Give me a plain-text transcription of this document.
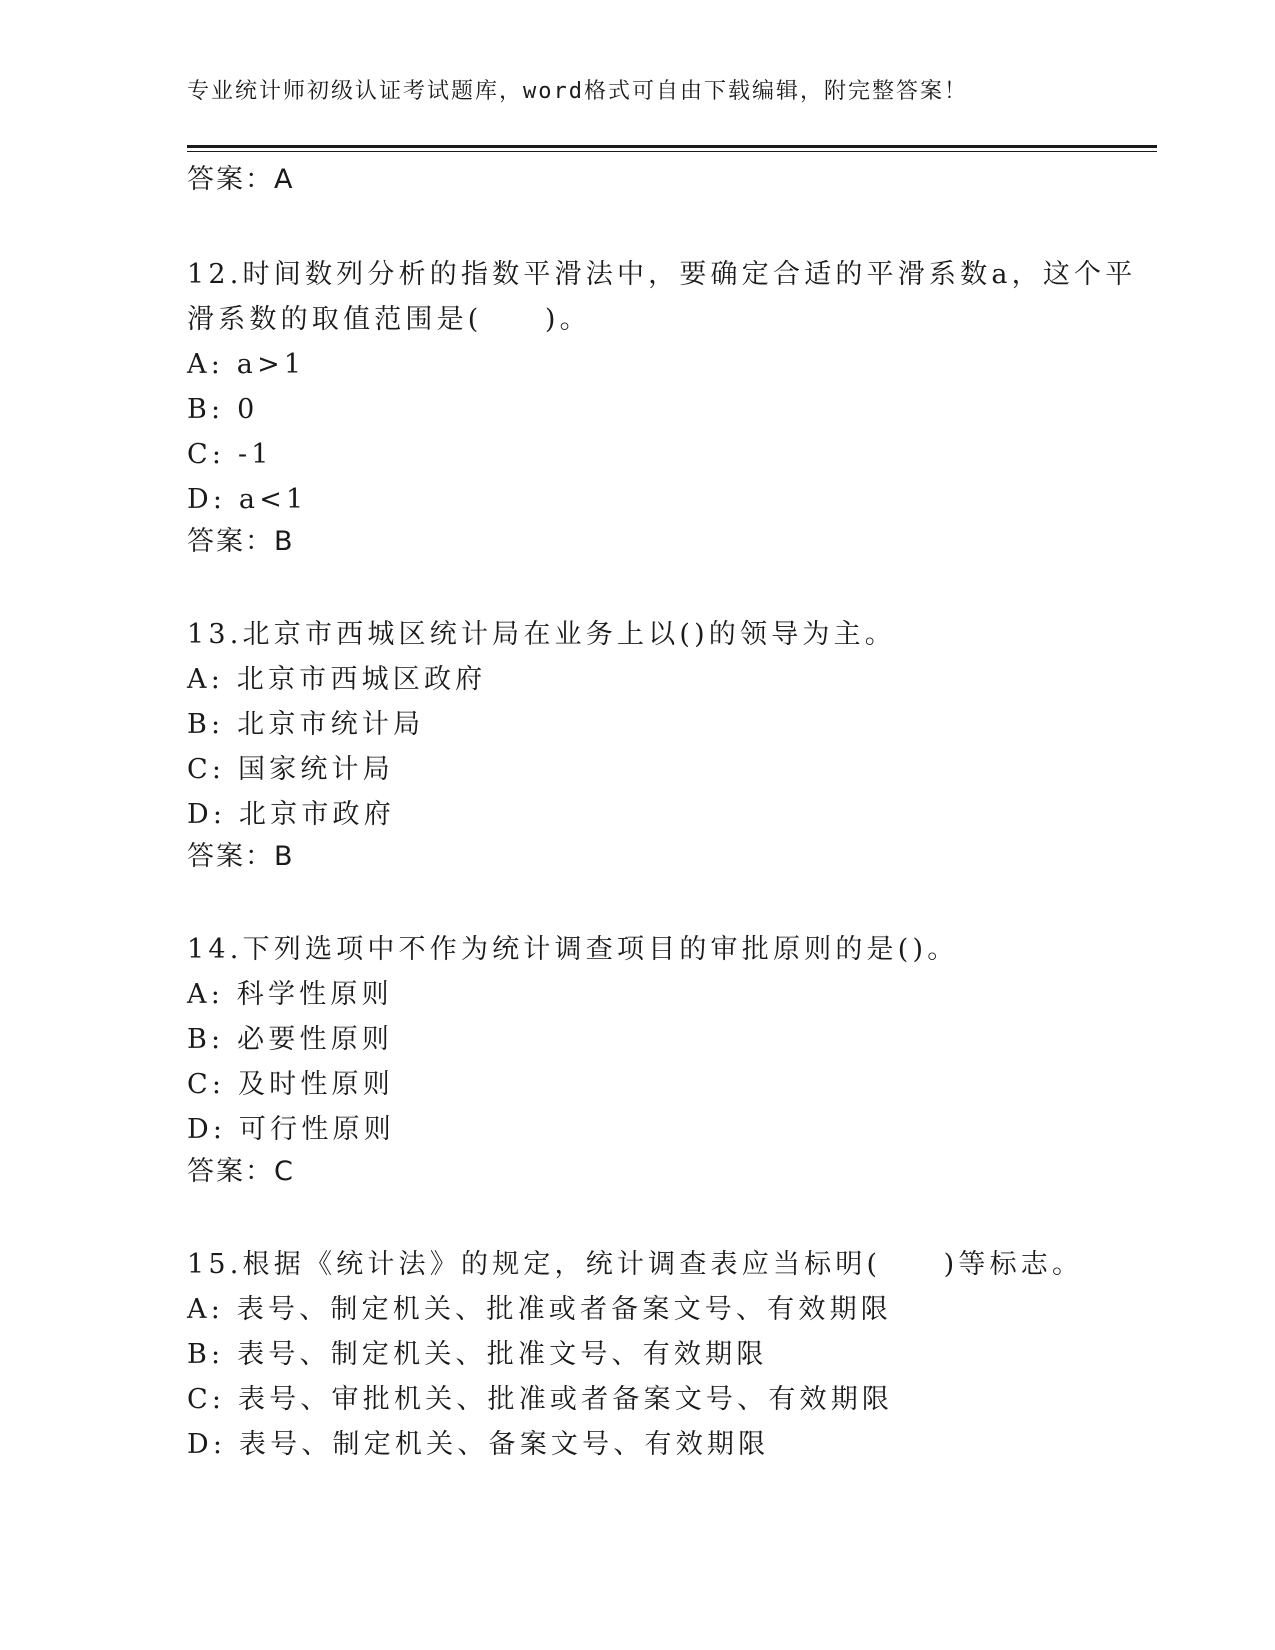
专业统计师初级认证考试题库，word格式可自由下载编辑，附完整答案！
答案：A
12.时间数列分析的指数平滑法中，要确定合适的平滑系数a，这个平
滑系数的取值范围是(　　)。
A: a>1
B: 0
C: -1
D: a<1
答案：B
13.北京市西城区统计局在业务上以()的领导为主。
A: 北京市西城区政府
B: 北京市统计局
C: 国家统计局
D: 北京市政府
答案：B
14.下列选项中不作为统计调查项目的审批原则的是()。
A: 科学性原则
B: 必要性原则
C: 及时性原则
D: 可行性原则
答案：C
15.根据《统计法》的规定，统计调查表应当标明(　　)等标志。
A: 表号、制定机关、批准或者备案文号、有效期限
B: 表号、制定机关、批准文号、有效期限
C: 表号、审批机关、批准或者备案文号、有效期限
D: 表号、制定机关、备案文号、有效期限
